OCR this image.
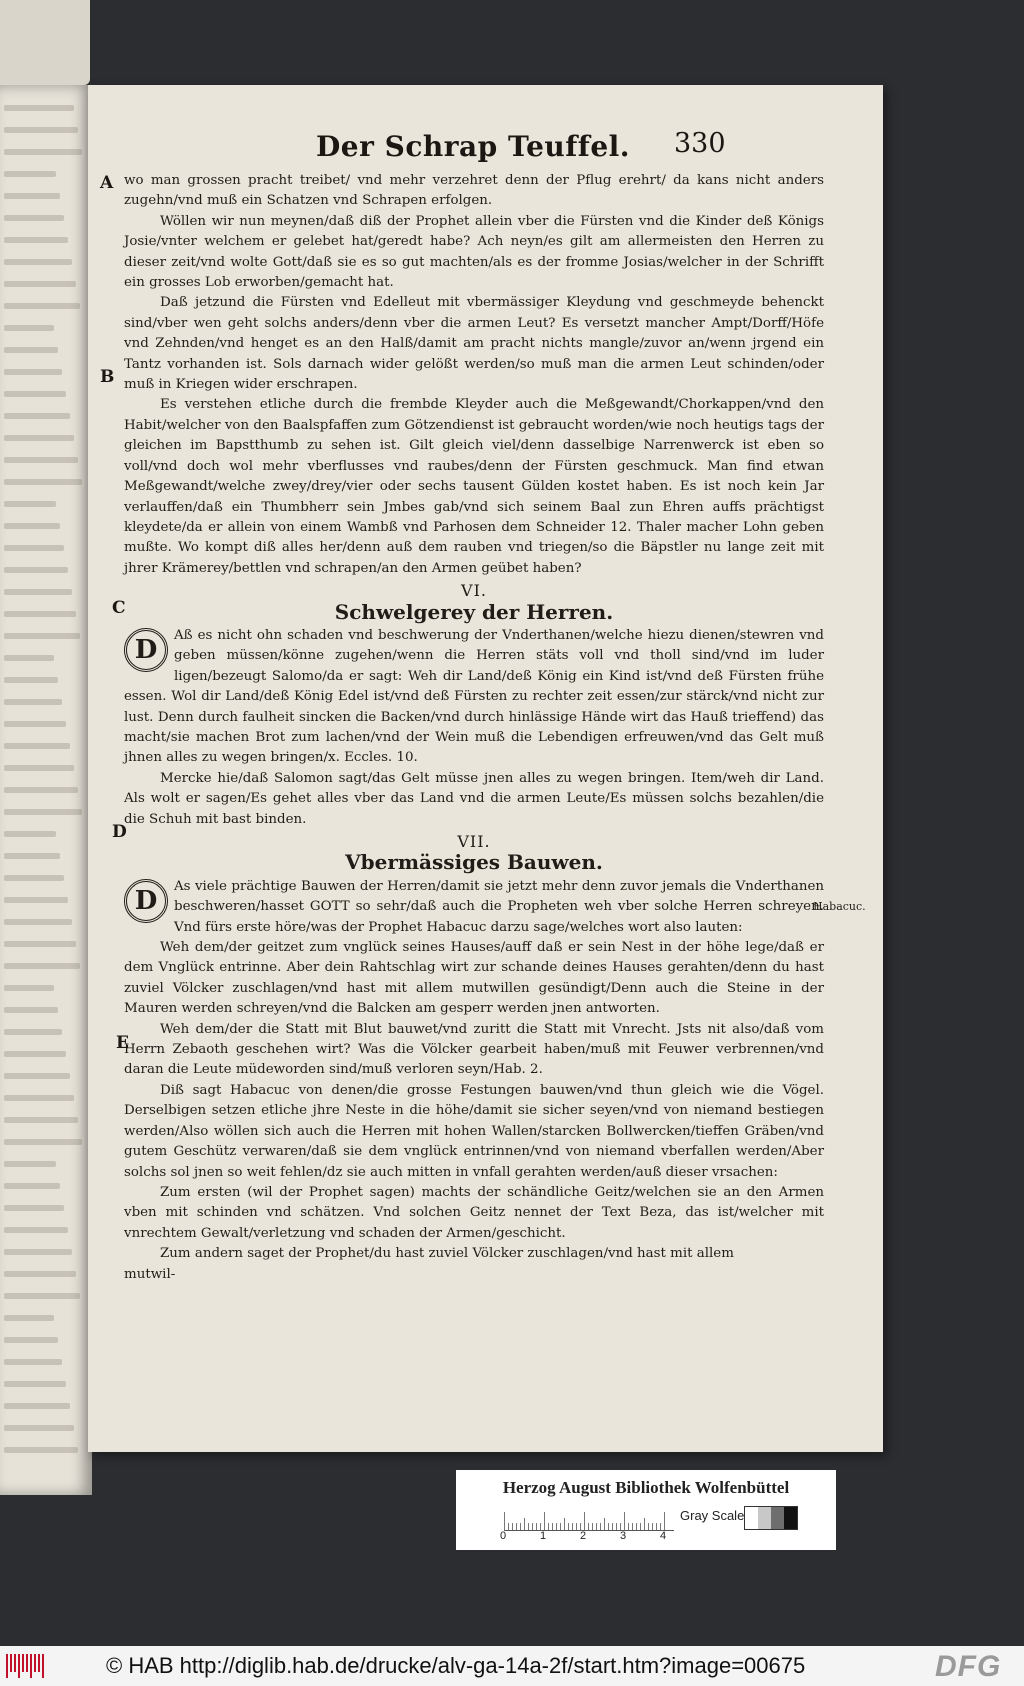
Der Schrap Teuffel. 330
A
B
C
D
E
Habacuc.

wo man grossen pracht treibet/ vnd mehr verzehret denn der Pflug erehrt/ da kans nicht anders zugehn/vnd muß ein Schatzen vnd Schrapen erfolgen.

Wöllen wir nun meynen/daß diß der Prophet allein vber die Fürsten vnd die Kinder deß Königs Josie/vnter welchem er gelebet hat/geredt habe? Ach neyn/es gilt am allermeisten den Herren zu dieser zeit/vnd wolte Gott/daß sie es so gut machten/als es der fromme Josias/welcher in der Schrifft ein grosses Lob erworben/gemacht hat.

Daß jetzund die Fürsten vnd Edelleut mit vbermässiger Kleydung vnd geschmeyde behenckt sind/vber wen geht solchs anders/denn vber die armen Leut? Es versetzt mancher Ampt/Dorff/Höfe vnd Zehnden/vnd henget es an den Halß/damit am pracht nichts mangle/zuvor an/wenn jrgend ein Tantz vorhanden ist. Sols darnach wider gelößt werden/so muß man die armen Leut schinden/oder muß in Kriegen wider erschrapen.

Es verstehen etliche durch die frembde Kleyder auch die Meßgewandt/Chorkappen/vnd den Habit/welcher von den Baalspfaffen zum Götzendienst ist gebraucht worden/wie noch heutigs tags der gleichen im Bapstthumb zu sehen ist. Gilt gleich viel/denn dasselbige Narrenwerck ist eben so voll/vnd doch wol mehr vberflusses vnd raubes/denn der Fürsten geschmuck. Man find etwan Meßgewandt/welche zwey/drey/vier oder sechs tausent Gülden kostet haben. Es ist noch kein Jar verlauffen/daß ein Thumbherr sein Jmbes gab/vnd sich seinem Baal zun Ehren auffs prächtigst kleydete/da er allein von einem Wambß vnd Parhosen dem Schneider 12. Thaler macher Lohn geben mußte. Wo kompt diß alles her/denn auß dem rauben vnd triegen/so die Bäpstler nu lange zeit mit jhrer Krämerey/bettlen vnd schrapen/an den Armen geübet haben?

VI.
Schwelgerey der Herren.

D	Aß es nicht ohn schaden vnd beschwerung der Vnderthanen/welche hiezu dienen/stewren vnd geben müssen/könne zugehen/wenn die Herren stäts voll vnd tholl sind/vnd im luder ligen/bezeugt Salomo/da er sagt: Weh dir Land/deß König ein Kind ist/vnd deß Fürsten frühe essen. Wol dir Land/deß König Edel ist/vnd deß Fürsten zu rechter zeit essen/zur stärck/vnd nicht zur lust. Denn durch faulheit sincken die Backen/vnd durch hinlässige Hände wirt das Hauß trieffend) das macht/sie machen Brot zum lachen/vnd der Wein muß die Lebendigen erfreuwen/vnd das Gelt muß jhnen alles zu wegen bringen/x. Eccles. 10.

Mercke hie/daß Salomon sagt/das Gelt müsse jnen alles zu wegen bringen. Item/weh dir Land. Als wolt er sagen/Es gehet alles vber das Land vnd die armen Leute/Es müssen solchs bezahlen/die die Schuh mit bast binden.

VII.
Vbermässiges Bauwen.

D	As viele prächtige Bauwen der Herren/damit sie jetzt mehr denn zuvor jemals die Vnderthanen beschweren/hasset GOTT so sehr/daß auch die Propheten weh vber solche Herren schreyen. Vnd fürs erste höre/was der Prophet Habacuc darzu sage/welches wort also lauten:

Weh dem/der geitzet zum vnglück seines Hauses/auff daß er sein Nest in der höhe lege/daß er dem Vnglück entrinne. Aber dein Rahtschlag wirt zur schande deines Hauses gerahten/denn du hast zuviel Völcker zuschlagen/vnd hast mit allem mutwillen gesündigt/Denn auch die Steine in der Mauren werden schreyen/vnd die Balcken am gesperr werden jnen antworten.

Weh dem/der die Statt mit Blut bauwet/vnd zuritt die Statt mit Vnrecht. Jsts nit also/daß vom Herrn Zebaoth geschehen wirt? Was die Völcker gearbeit haben/muß mit Feuwer verbrennen/vnd daran die Leute müdeworden sind/muß verloren seyn/Hab. 2.

Diß sagt Habacuc von denen/die grosse Festungen bauwen/vnd thun gleich wie die Vögel. Derselbigen setzen etliche jhre Neste in die höhe/damit sie sicher seyen/vnd von niemand bestiegen werden/Also wöllen sich auch die Herren mit hohen Wallen/starcken Bollwercken/tieffen Gräben/vnd gutem Geschütz verwaren/daß sie dem vnglück entrinnen/vnd von niemand vberfallen werden/Aber solchs sol jnen so weit fehlen/dz sie auch mitten in vnfall gerahten werden/auß dieser vrsachen:

Zum ersten (wil der Prophet sagen) machts der schändliche Geitz/welchen sie an den Armen vben mit schinden vnd schätzen. Vnd solchen Geitz nennet der Text Beza, das ist/welcher mit vnrechtem Gewalt/verletzung vnd schaden der Armen/geschicht.

Zum andern saget der Prophet/du hast zuviel Völcker zuschlagen/vnd hast mit allem

mutwil-

Herzog August Bibliothek Wolfenbüttel
0	1	2	3	4
Gray Scale
© HAB http://diglib.hab.de/drucke/alv-ga-14a-2f/start.htm?image=00675	DFG
